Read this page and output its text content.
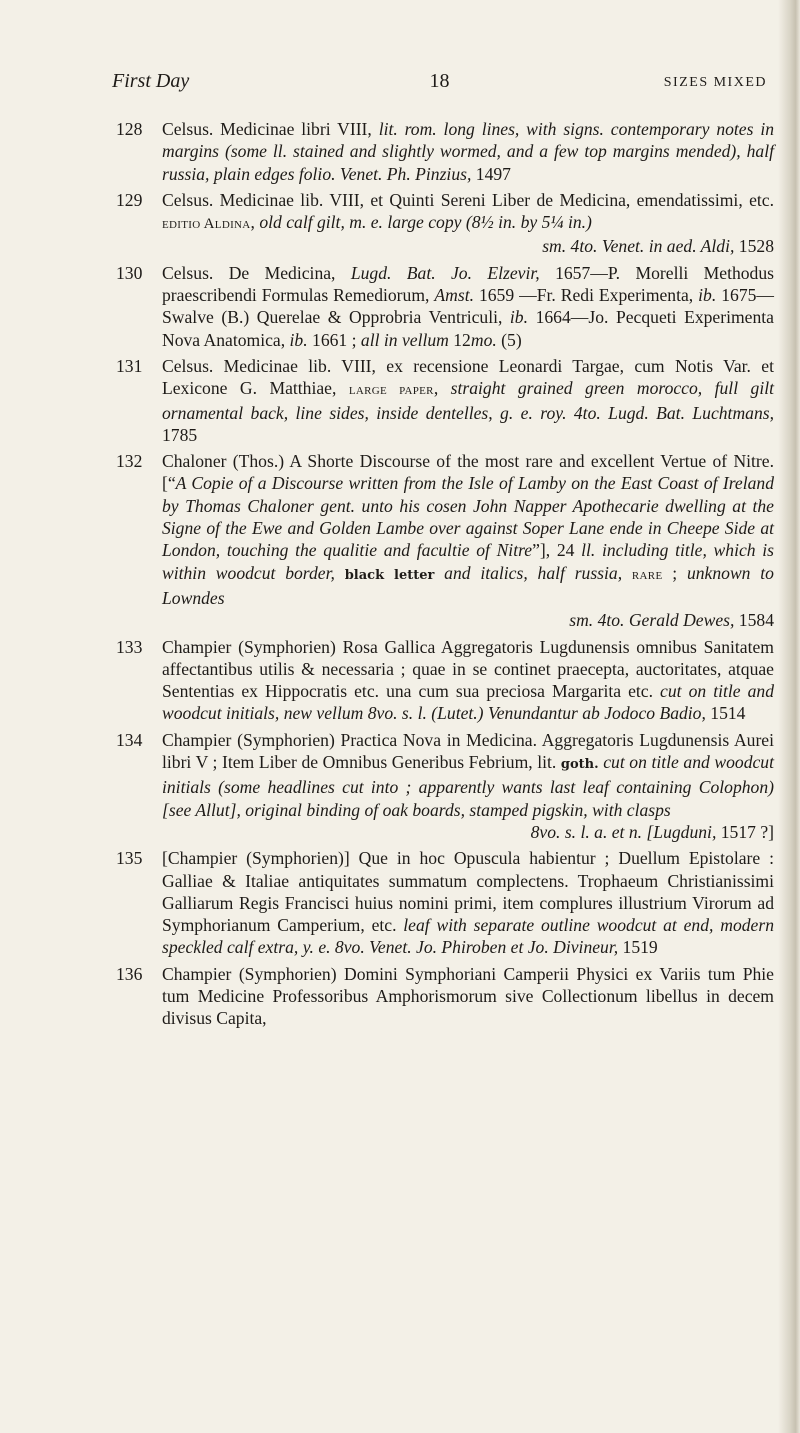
18
First Day	SIZES MIXED
128	Celsus. Medicinae libri VIII, lit. rom. long lines, with signs. contemporary notes in margins (some ll. stained and slightly wormed, and a few top margins mended), half russia, plain edges folio. Venet. Ph. Pinzius, 1497
129	Celsus. Medicinae lib. VIII, et Quinti Sereni Liber de Medicina, emendatissimi, etc. editio Aldina, old calf gilt, m. e. large copy (8½ in. by 5¼ in.)
sm. 4to. Venet. in aed. Aldi, 1528
130	Celsus. De Medicina, Lugd. Bat. Jo. Elzevir, 1657—P. Morelli Methodus praescribendi Formulas Remediorum, Amst. 1659 —Fr. Redi Experimenta, ib. 1675—Swalve (B.) Querelae & Opprobria Ventriculi, ib. 1664—Jo. Pecqueti Experimenta Nova Anatomica, ib. 1661 ; all in vellum 12mo. (5)
131	Celsus. Medicinae lib. VIII, ex recensione Leonardi Targae, cum Notis Var. et Lexicone G. Matthiae, large paper, straight grained green morocco, full gilt ornamental back, line sides, inside dentelles, g. e. roy. 4to. Lugd. Bat. Luchtmans, 1785
132	Chaloner (Thos.) A Shorte Discourse of the most rare and excellent Vertue of Nitre. [“A Copie of a Discourse written from the Isle of Lamby on the East Coast of Ireland by Thomas Chaloner gent. unto his cosen John Napper Apothecarie dwelling at the Signe of the Ewe and Golden Lambe over against Soper Lane ende in Cheepe Side at London, touching the qualitie and facultie of Nitre”], 24 ll. including title, which is within woodcut border, black letter and italics, half russia, rare ; unknown to Lowndes
sm. 4to. Gerald Dewes, 1584
133	Champier (Symphorien) Rosa Gallica Aggregatoris Lugdunensis omnibus Sanitatem affectantibus utilis & necessaria ; quae in se continet praecepta, auctoritates, atquae Sententias ex Hippocratis etc. una cum sua preciosa Margarita etc. cut on title and woodcut initials, new vellum 8vo. s. l. (Lutet.) Venundantur ab Jodoco Badio, 1514
134	Champier (Symphorien) Practica Nova in Medicina. Aggregatoris Lugdunensis Aurei libri V ; Item Liber de Omnibus Generibus Febrium, lit. goth. cut on title and woodcut initials (some headlines cut into ; apparently wants last leaf containing Colophon) [see Allut], original binding of oak boards, stamped pigskin, with clasps
8vo. s. l. a. et n. [Lugduni, 1517 ?]
135	[Champier (Symphorien)] Que in hoc Opuscula habientur ; Duellum Epistolare : Galliae & Italiae antiquitates summatum complectens. Trophaeum Christianissimi Galliarum Regis Francisci huius nomini primi, item complures illustrium Virorum ad Symphorianum Camperium, etc. leaf with separate outline woodcut at end, modern speckled calf extra, y. e. 8vo. Venet. Jo. Phiroben et Jo. Divineur, 1519
136	Champier (Symphorien) Domini Symphoriani Camperii Physici ex Variis tum Phie tum Medicine Professoribus Amphorismorum sive Collectionum libellus in decem divisus Capita,
